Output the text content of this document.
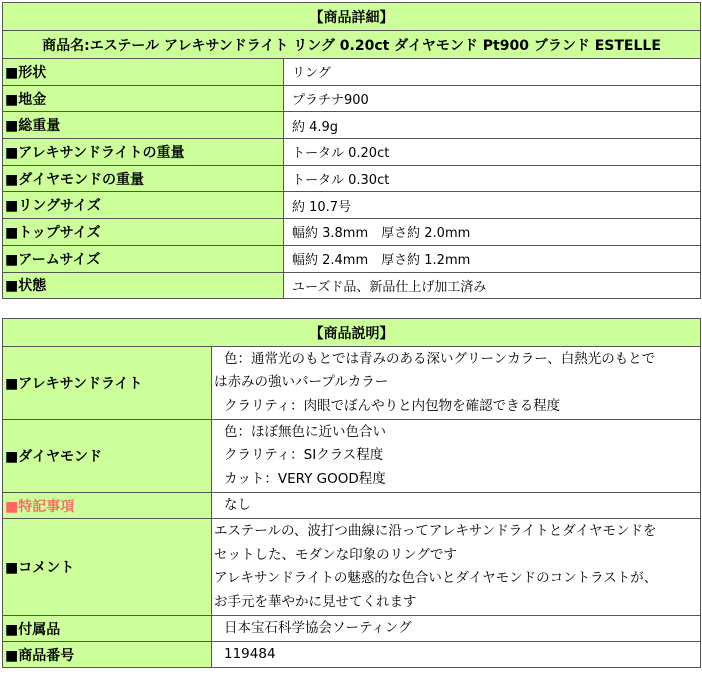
【商品詳細】	
商品名:エステール アレキサンドライト リング 0.20ct ダイヤモンド Pt900 ブランド ESTELLE	
■形状	リング
■地金	プラチナ900
■総重量	約 4.9g
■アレキサンドライトの重量	トータル 0.20ct
■ダイヤモンドの重量	トータル 0.30ct
■リングサイズ	約 10.7号
■トップサイズ	幅約 3.8mm　厚さ約 2.0mm
■アームサイズ	幅約 2.4mm　厚さ約 1.2mm
■状態	ユーズド品、新品仕上げ加工済み
【商品説明】	
■アレキサンドライト	色：通常光のもとでは青みのある深いグリーンカラー、白熱光のもとで
は赤みの強いパープルカラー
クラリティ：肉眼でぼんやりと内包物を確認できる程度

■ダイヤモンド	色：ほぼ無色に近い色合い
クラリティ：SIクラス程度
カット：VERY GOOD程度

■特記事項	なし
■コメント	エステールの、波打つ曲線に沿ってアレキサンドライトとダイヤモンドを
セットした、モダンな印象のリングです
アレキサンドライトの魅惑的な色合いとダイヤモンドのコントラストが、
お手元を華やかに見せてくれます

■付属品	日本宝石科学協会ソーティング
■商品番号	119484
